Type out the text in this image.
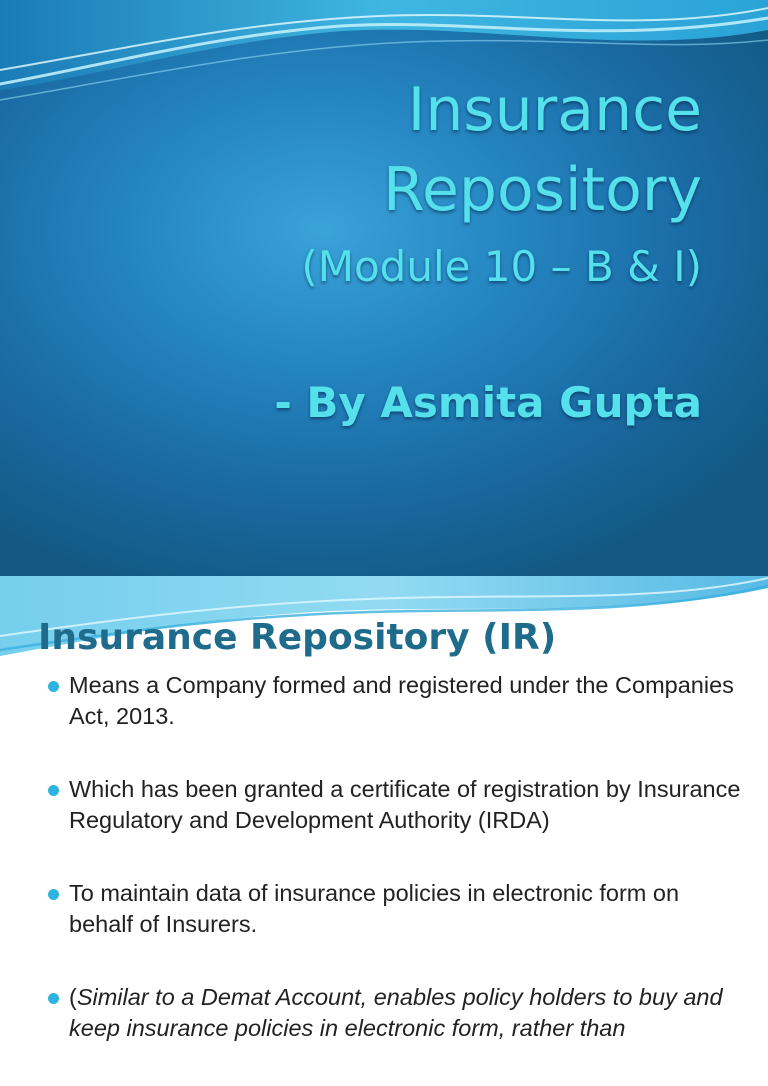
Insurance
Repository
(Module 10 – B & I)
- By Asmita Gupta
Insurance Repository (IR)
Means a Company formed and registered under the Companies Act, 2013.
Which has been granted a certificate of registration by Insurance Regulatory and Development Authority (IRDA)
To maintain data of insurance policies in electronic form on behalf of Insurers.
(Similar to a Demat Account, enables policy holders to buy and keep insurance policies in electronic form, rather than
